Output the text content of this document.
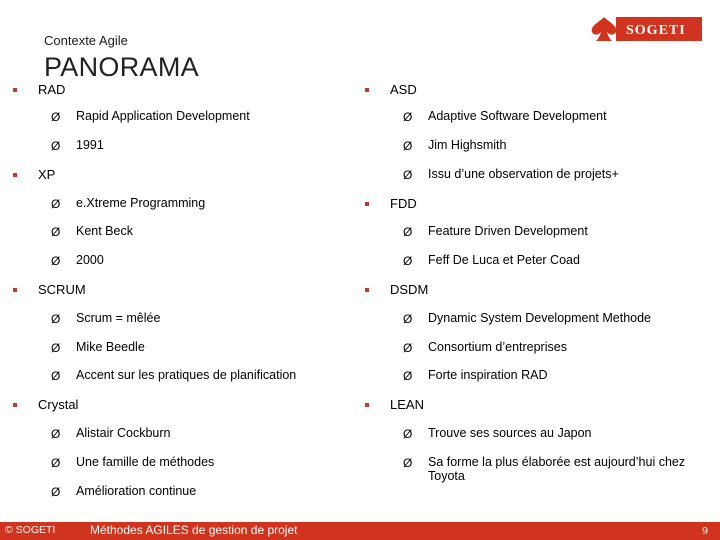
Contexte Agile
PANORAMA
SOGETI
RAD
Ø Rapid Application Development
Ø 1991
XP
Ø e.Xtreme Programming
Ø Kent Beck
Ø 2000
SCRUM
Ø Scrum = mêlée
Ø Mike Beedle
Ø Accent sur les pratiques de planification
Crystal
Ø Alistair Cockburn
Ø Une famille de méthodes
Ø Amélioration continue
ASD
Ø Adaptive Software Development
Ø Jim Highsmith
Ø Issu d’une observation de projets+
FDD
Ø Feature Driven Development
Ø Feff De Luca et Peter Coad
DSDM
Ø Dynamic System Development Methode
Ø Consortium d’entreprises
Ø Forte inspiration RAD
LEAN
Ø Trouve ses sources au Japon
Ø Sa forme la plus élaborée est aujourd’hui chez Toyota
© SOGETI	Méthodes AGILES de gestion de projet	9
